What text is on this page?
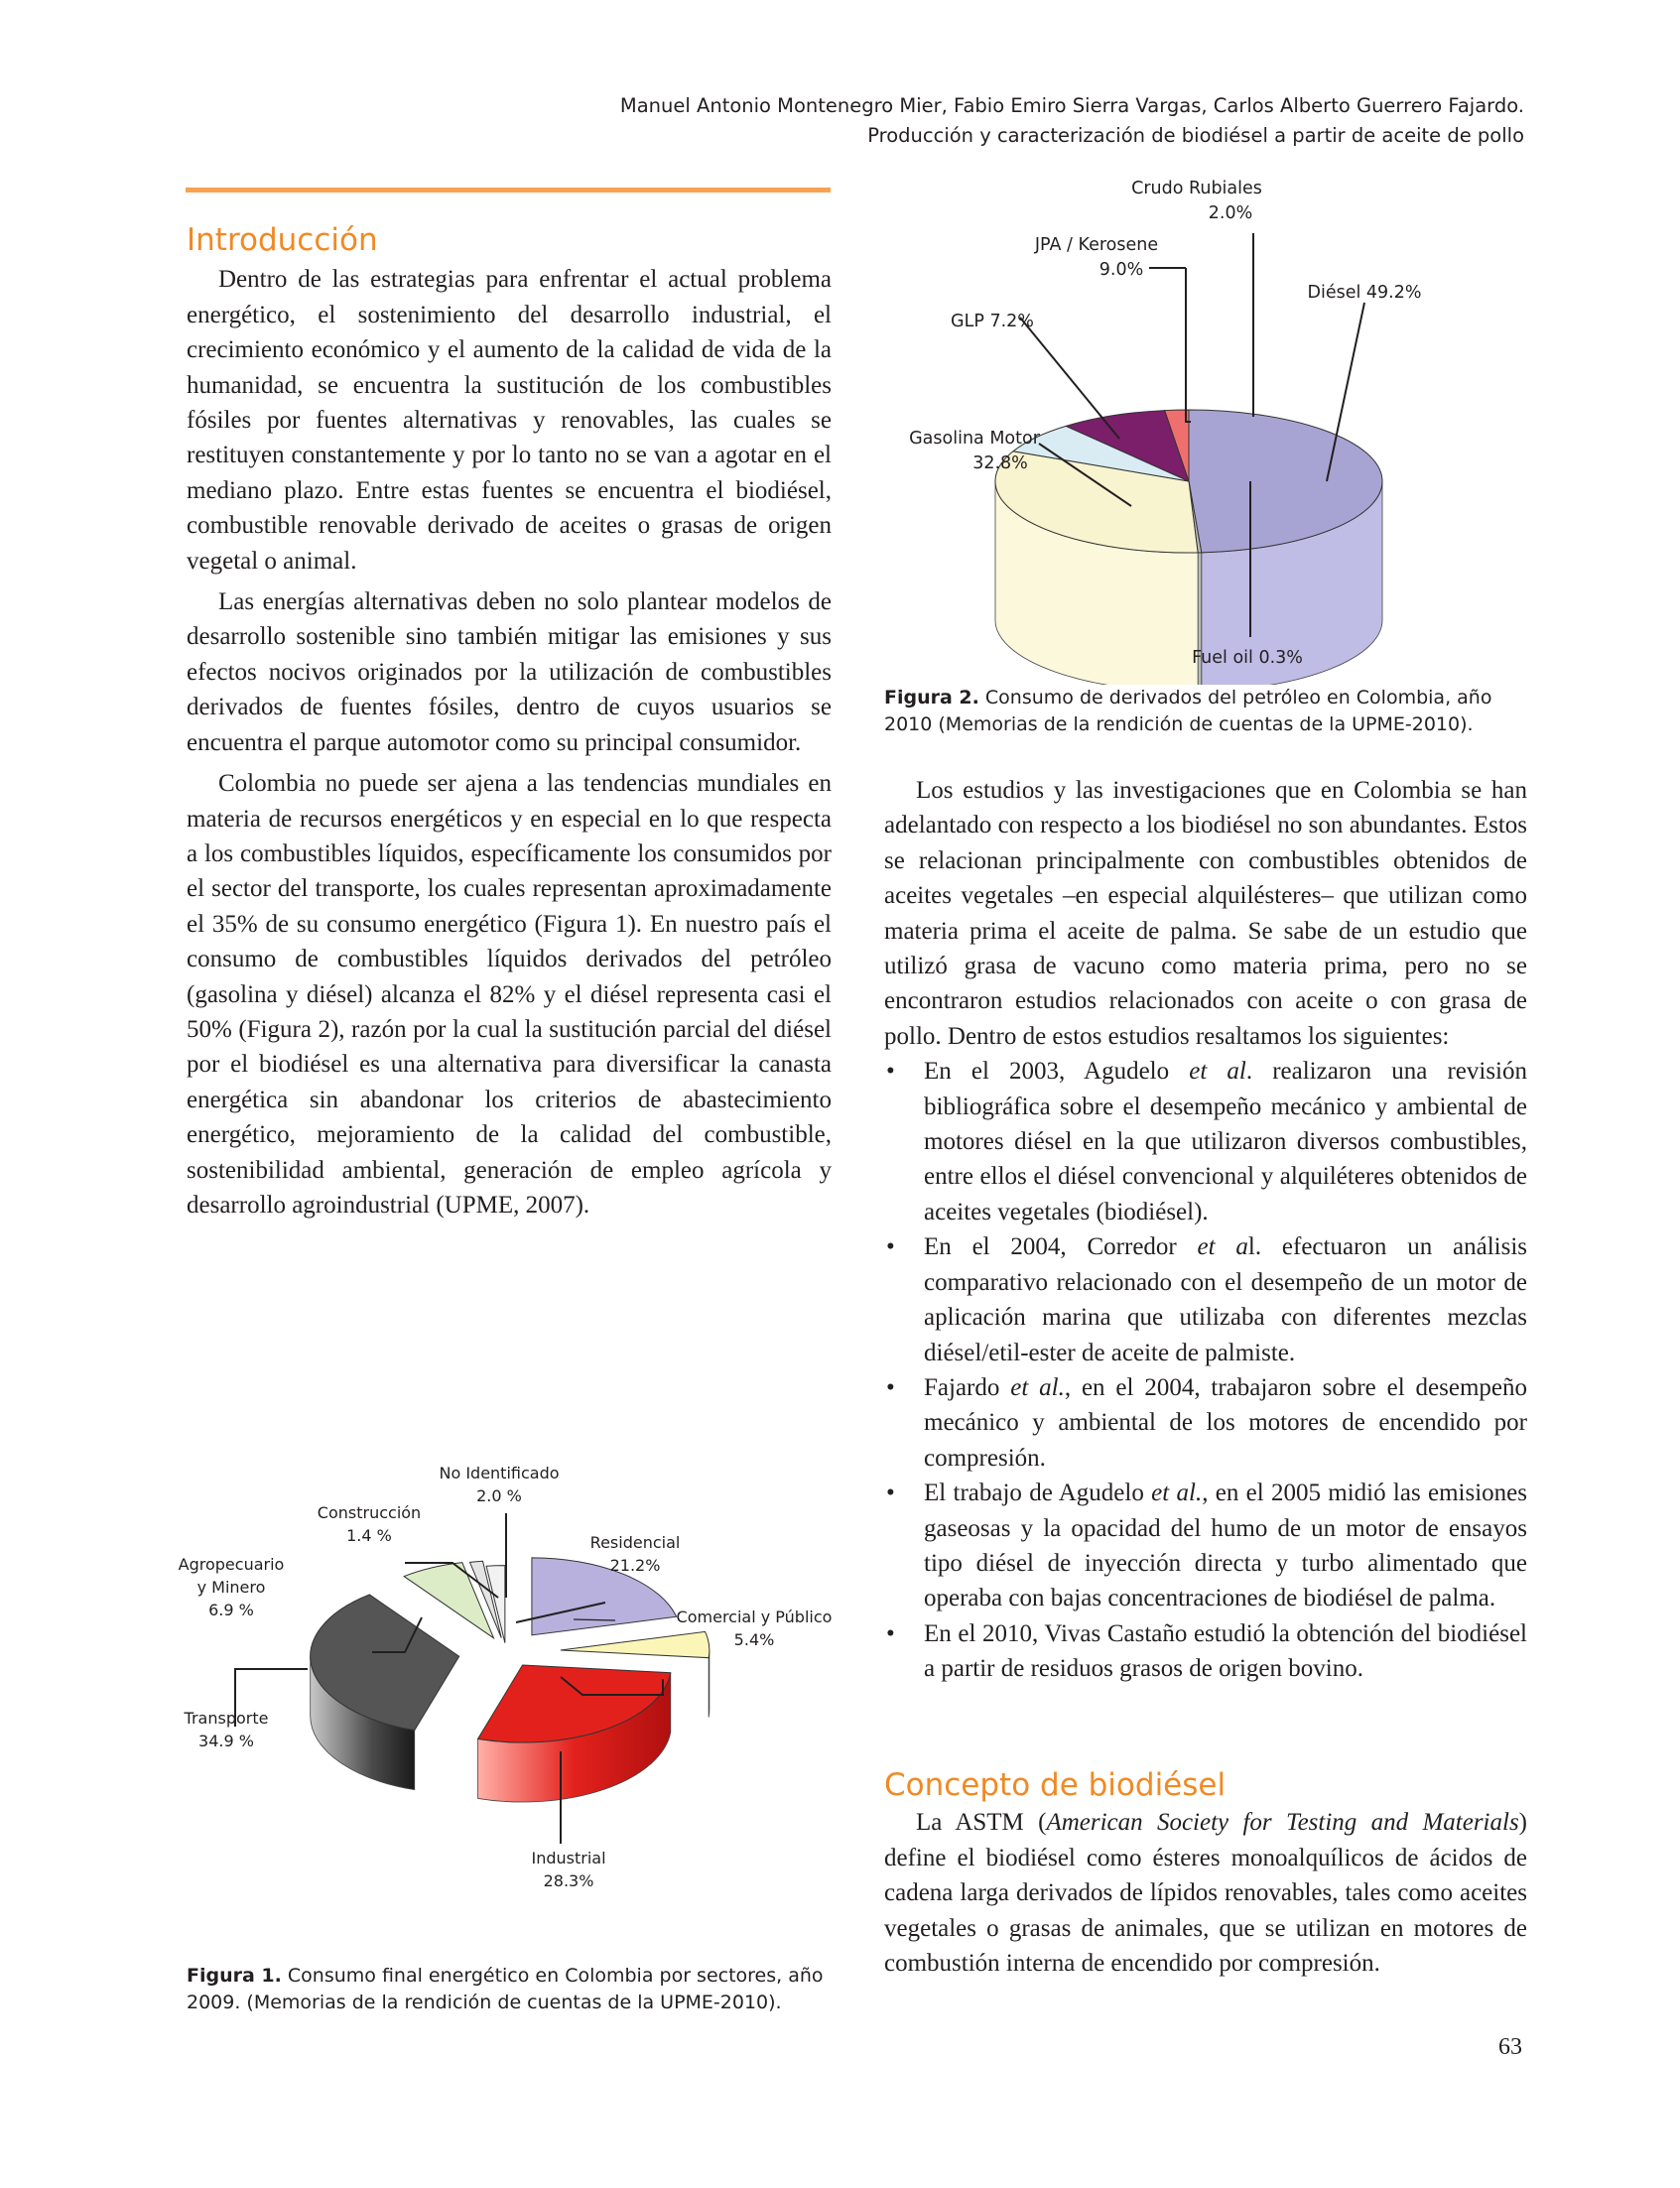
Manuel Antonio Montenegro Mier, Fabio Emiro Sierra Vargas, Carlos Alberto Guerrero Fajardo.
Producción y caracterización de biodiésel a partir de aceite de pollo
Introducción

Dentro de las estrategias para enfrentar el actual problema energético, el sostenimiento del desarrollo industrial, el crecimiento económico y el aumento de la calidad de vida de la humanidad, se encuentra la sustitución de los combustibles fósiles por fuentes alternativas y renovables, las cuales se restituyen constantemente y por lo tanto no se van a agotar en el mediano plazo. Entre estas fuentes se encuentra el biodiésel, combustible renovable derivado de aceites o grasas de origen vegetal o animal.

Las energías alternativas deben no solo plantear modelos de desarrollo sostenible sino también mitigar las emisiones y sus efectos nocivos originados por la utilización de combustibles derivados de fuentes fósiles, dentro de cuyos usuarios se encuentra el parque automotor como su principal consumidor.

Colombia no puede ser ajena a las tendencias mundiales en materia de recursos energéticos y en especial en lo que respecta a los combustibles líquidos, específicamente los consumidos por el sector del transporte, los cuales representan aproximadamente el 35% de su consumo energético (Figura 1). En nuestro país el consumo de combustibles líquidos derivados del petróleo (gasolina y diésel) alcanza el 82% y el diésel representa casi el 50% (Figura 2), razón por la cual la sustitución parcial del diésel por el biodiésel es una alternativa para diversificar la canasta energética sin abandonar los criterios de abastecimiento energético, mejoramiento de la calidad del combustible, sostenibilidad ambiental, generación de empleo agrícola y desarrollo agroindustrial (UPME, 2007).

No Identificado
2.0 %
Construcción
1.4 %
Agropecuario
y Minero
6.9 %
Transporte
34.9 %
Residencial
21.2%
Comercial y Público
5.4%
Industrial
28.3%
Figura 1. Consumo final energético en Colombia por sectores, año 2009. (Memorias de la rendición de cuentas de la UPME-2010).
Crudo Rubiales
2.0%
JPA / Kerosene
9.0%
GLP 7.2%
Diésel 49.2%
Gasolina Motor
32.8%
Fuel oil 0.3%
Figura 2. Consumo de derivados del petróleo en Colombia, año 2010 (Memorias de la rendición de cuentas de la UPME-2010).

Los estudios y las investigaciones que en Colombia se han adelantado con respecto a los biodiésel no son abundantes. Estos se relacionan principalmente con combustibles obtenidos de aceites vegetales –en especial alquilésteres– que utilizan como materia prima el aceite de palma. Se sabe de un estudio que utilizó grasa de vacuno como materia prima, pero no se encontraron estudios relacionados con aceite o con grasa de pollo. Dentro de estos estudios resaltamos los siguientes:

• En el 2003, Agudelo et al. realizaron una revisión bibliográfica sobre el desempeño mecánico y ambiental de motores diésel en la que utilizaron diversos combustibles, entre ellos el diésel convencional y alquiléteres obtenidos de aceites vegetales (biodiésel).
• En el 2004, Corredor et al. efectuaron un análisis comparativo relacionado con el desempeño de un motor de aplicación marina que utilizaba con diferentes mezclas diésel/etil-ester de aceite de palmiste.
• Fajardo et al., en el 2004, trabajaron sobre el desempeño mecánico y ambiental de los motores de encendido por compresión.
• El trabajo de Agudelo et al., en el 2005 midió las emisiones gaseosas y la opacidad del humo de un motor de ensayos tipo diésel de inyección directa y turbo alimentado que operaba con bajas concentraciones de biodiésel de palma.
• En el 2010, Vivas Castaño estudió la obtención del biodiésel a partir de residuos grasos de origen bovino.
Concepto de biodiésel

La ASTM (American Society for Testing and Materials) define el biodiésel como ésteres monoalquílicos de ácidos de cadena larga derivados de lípidos renovables, tales como aceites vegetales o grasas de animales, que se utilizan en motores de combustión interna de encendido por compresión.

63
